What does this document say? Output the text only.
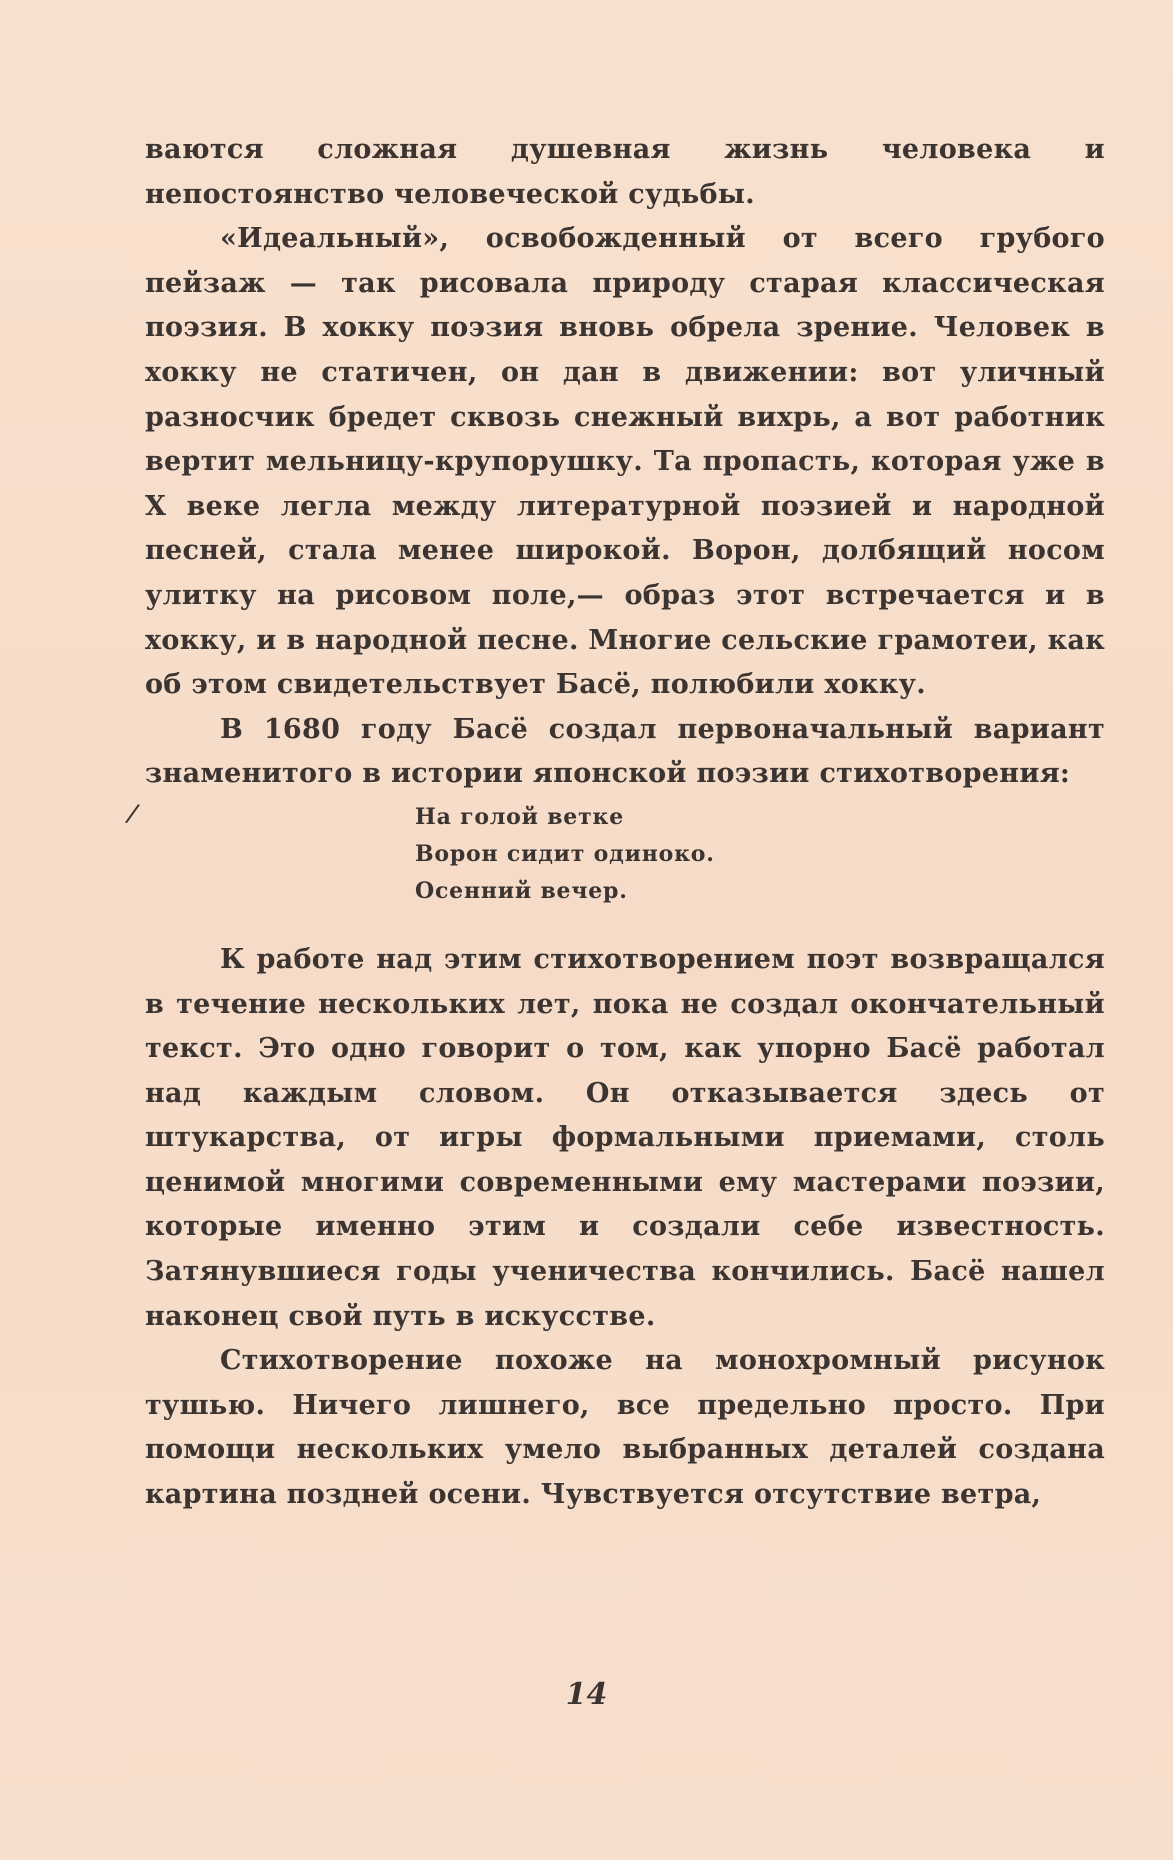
ваются сложная душевная жизнь человека и непостоянство человеческой судьбы.

«Идеальный», освобожденный от всего грубого пейзаж — так рисовала природу старая классическая поэзия. В хокку поэзия вновь обрела зрение. Человек в хокку не статичен, он дан в движении: вот уличный разносчик бредет сквозь снежный вихрь, а вот работник вертит мельницу-крупорушку. Та пропасть, которая уже в X веке легла между литературной поэзией и народной песней, стала менее широкой. Ворон, долбящий носом улитку на рисовом поле,— образ этот встречается и в хокку, и в народной песне. Многие сельские грамотеи, как об этом свидетельствует Басё, полюбили хокку.

В 1680 году Басё создал первоначальный вариант знаменитого в истории японской поэзии стихотворения:

На голой ветке
Ворон сидит одиноко.
Осенний вечер.

К работе над этим стихотворением поэт возвращался в течение нескольких лет, пока не создал окончательный текст. Это одно говорит о том, как упорно Басё работал над каждым словом. Он отказывается здесь от штукарства, от игры формальными приемами, столь ценимой многими современными ему мастерами поэзии, которые именно этим и создали себе известность. Затянувшиеся годы ученичества кончились. Басё нашел наконец свой путь в искусстве.

Стихотворение похоже на монохромный рисунок тушью. Ничего лишнего, все предельно просто. При помощи нескольких умело выбранных деталей создана картина поздней осени. Чувствуется отсутствие ветра,

/
14
